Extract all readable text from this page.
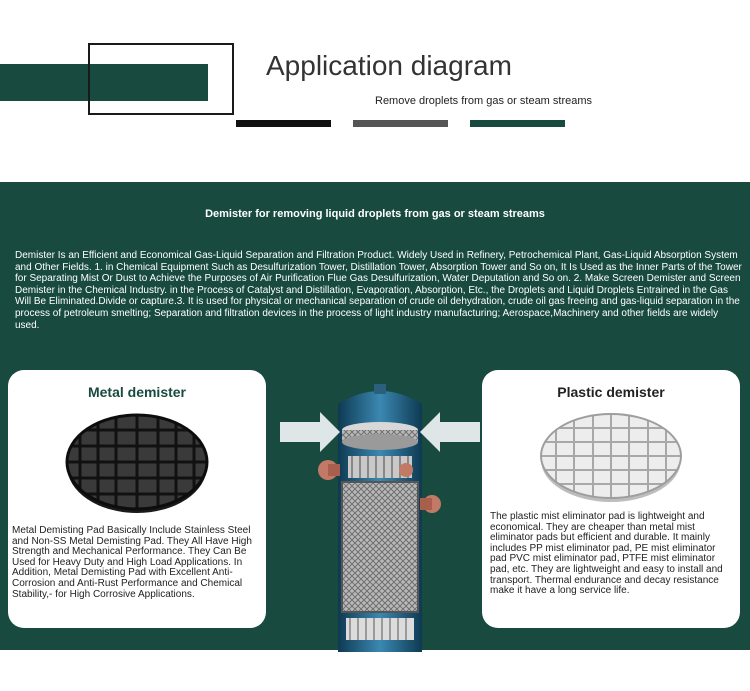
Application diagram
Remove droplets from gas or steam streams
Demister for removing liquid droplets from gas or steam streams

Demister Is an Efficient and Economical Gas-Liquid Separation and Filtration Product. Widely Used in Refinery, Petrochemical Plant, Gas-Liquid Absorption System and Other Fields. 1. in Chemical Equipment Such as Desulfurization Tower, Distillation Tower, Absorption Tower and So on, It Is Used as the Inner Parts of the Tower for Separating Mist Or Dust to Achieve the Purposes of Air Purification Flue Gas Desulfurization, Water Deputation and So on. 2. Make Screen Demister and Screen Demister in the Chemical Industry. in the Process of Catalyst and Distillation, Evaporation, Absorption, Etc., the Droplets and Liquid Droplets Entrained in the Gas Will Be Eliminated.Divide or capture.3. It is used for physical or mechanical separation of crude oil dehydration, crude oil gas freeing and gas-liquid separation in the process of petroleum smelting; Separation and filtration devices in the process of light industry manufacturing; Aerospace,Machinery and other fields are widely used.

Metal demister

Metal Demisting Pad Basically Include Stainless Steel and Non-SS Metal Demisting Pad. They All Have High Strength and Mechanical Performance. They Can Be Used for Heavy Duty and High Load Applications. In Addition, Metal Demisting Pad with Excellent Anti-Corrosion and Anti-Rust Performance and Chemical Stability,- for High Corrosive Applications.

Plastic demister

The plastic mist eliminator pad is lightweight and economical. They are cheaper than metal mist eliminator pads but efficient and durable. It mainly includes PP mist eliminator pad, PE mist eliminator pad PVC mist eliminator pad, PTFE mist eliminator pad, etc. They are lightweight and easy to install and transport. Thermal endurance and decay resistance make it have a long service life.
